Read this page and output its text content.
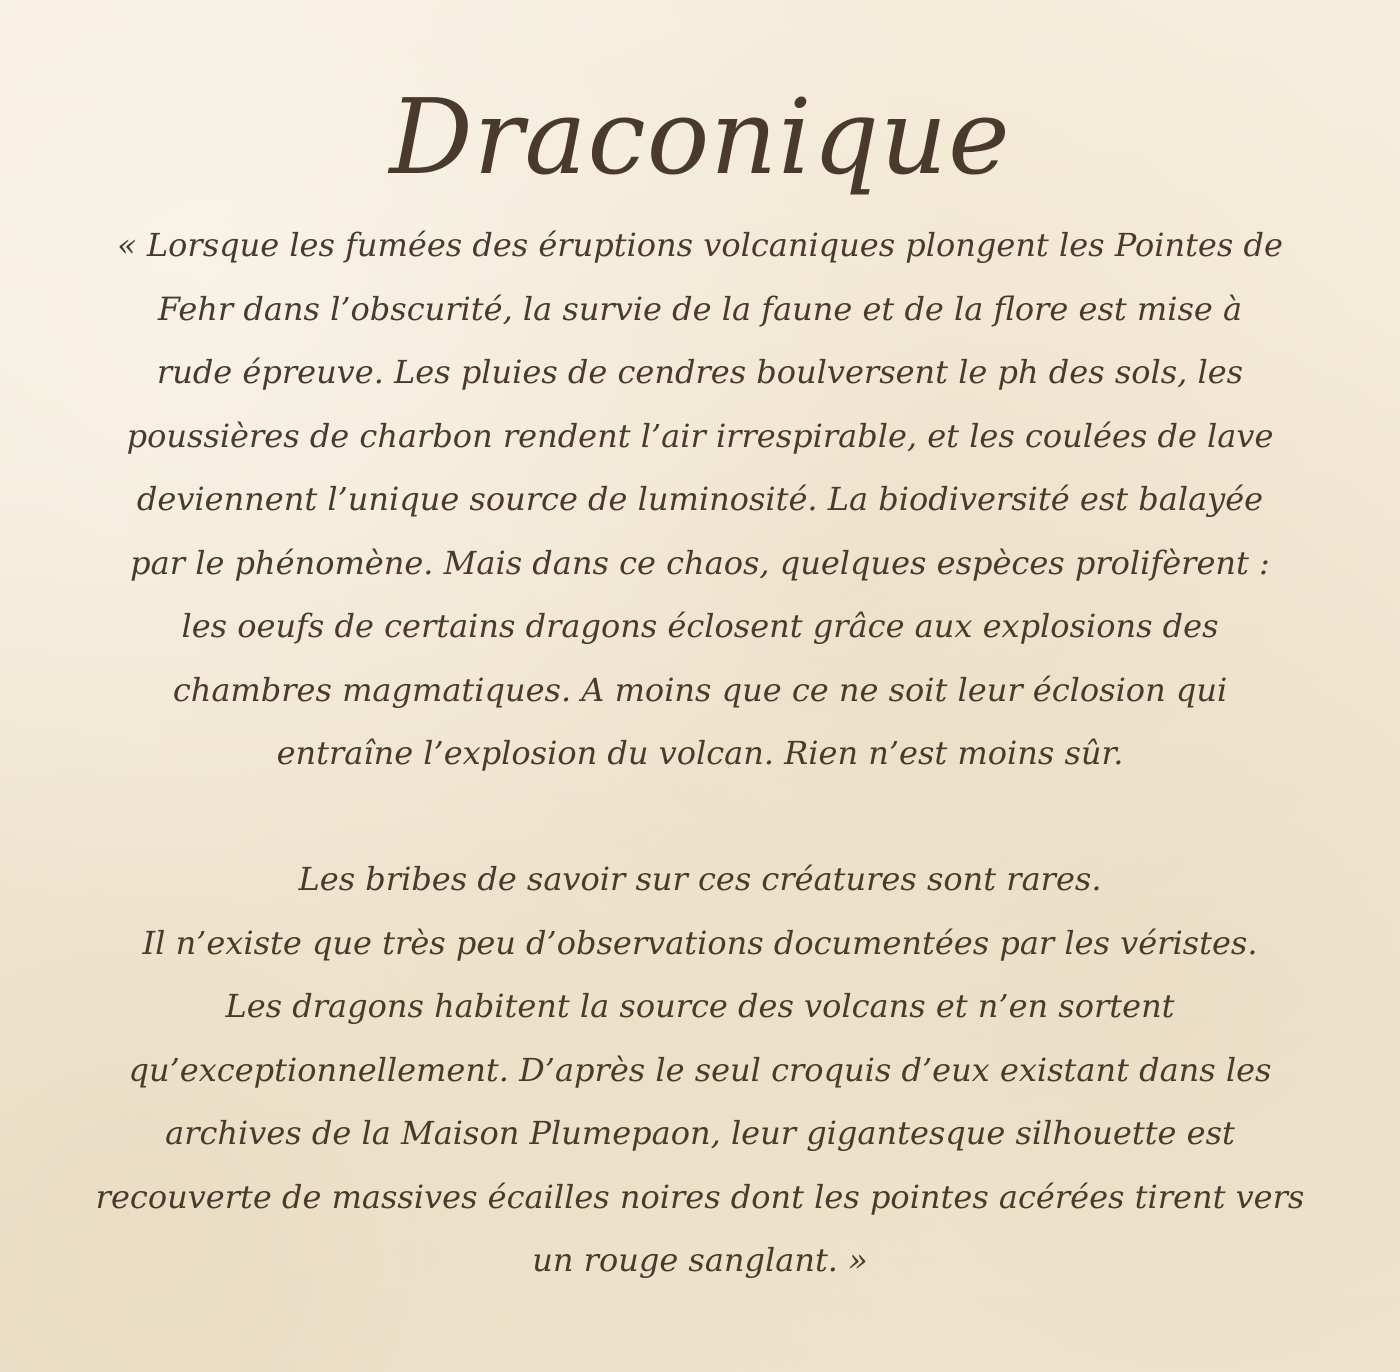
Draconique
« Lorsque les fumées des éruptions volcaniques plongent les Pointes de
Fehr dans l’obscurité, la survie de la faune et de la flore est mise à
rude épreuve. Les pluies de cendres boulversent le ph des sols, les
poussières de charbon rendent l’air irrespirable, et les coulées de lave
deviennent l’unique source de luminosité. La biodiversité est balayée
par le phénomène. Mais dans ce chaos, quelques espèces prolifèrent :
les oeufs de certains dragons éclosent grâce aux explosions des
chambres magmatiques. A moins que ce ne soit leur éclosion qui
entraîne l’explosion du volcan. Rien n’est moins sûr.
Les bribes de savoir sur ces créatures sont rares.
Il n’existe que très peu d’observations documentées par les véristes.
Les dragons habitent la source des volcans et n’en sortent
qu’exceptionnellement. D’après le seul croquis d’eux existant dans les
archives de la Maison Plumepaon, leur gigantesque silhouette est
recouverte de massives écailles noires dont les pointes acérées tirent vers
un rouge sanglant. »
